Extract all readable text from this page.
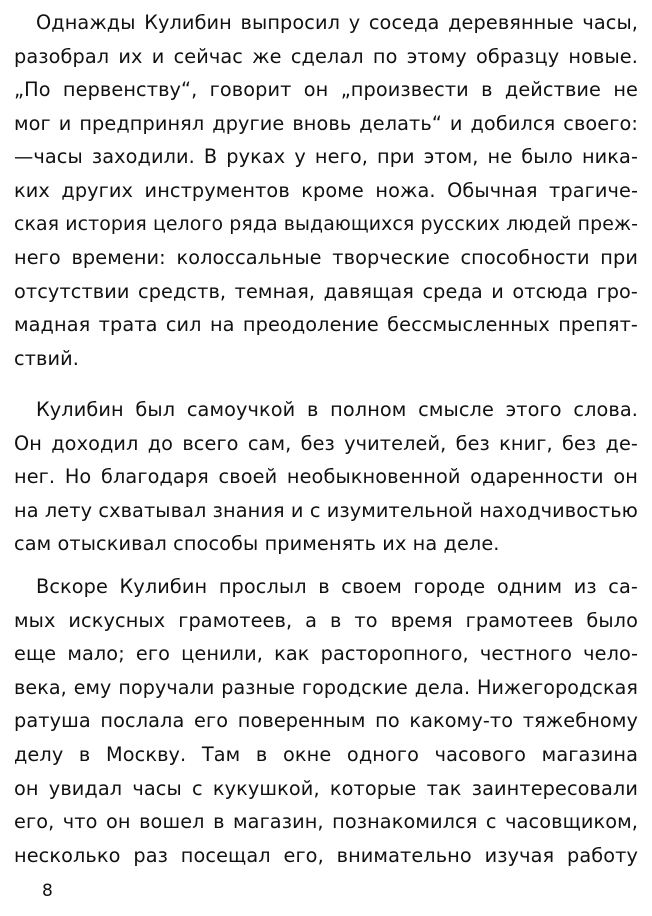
Однажды Кулибин выпросил у соседа деревянные часы,
разобрал их и сейчас же сделал по этому образцу новые.
„По первенству“, говорит он „произвести в действие не
мог и предпринял другие вновь делать“ и добился своего:
—часы заходили. В руках у него, при этом, не было ника-
ких других инструментов кроме ножа. Обычная трагиче-
ская история целого ряда выдающихся русских людей преж-
него времени: колоссальные творческие способности при
отсутствии средств, темная, давящая среда и отсюда гро-
мадная трата сил на преодоление бессмысленных препят-
ствий.
Кулибин был самоучкой в полном смысле этого слова.
Он доходил до всего сам, без учителей, без книг, без де-
нег. Но благодаря своей необыкновенной одаренности он
на лету схватывал знания и с изумительной находчивостью
сам отыскивал способы применять их на деле.
Вскоре Кулибин прослыл в своем городе одним из са-
мых искусных грамотеев, а в то время грамотеев было
еще мало; его ценили, как расторопного, честного чело-
века, ему поручали разные городские дела. Нижегородская
ратуша послала его поверенным по какому-то тяжебному
делу в Москву. Там в окне одного часового магазина
он увидал часы с кукушкой, которые так заинтересовали
его, что он вошел в магазин, познакомился с часовщиком,
несколько раз посещал его, внимательно изучая работу
8
